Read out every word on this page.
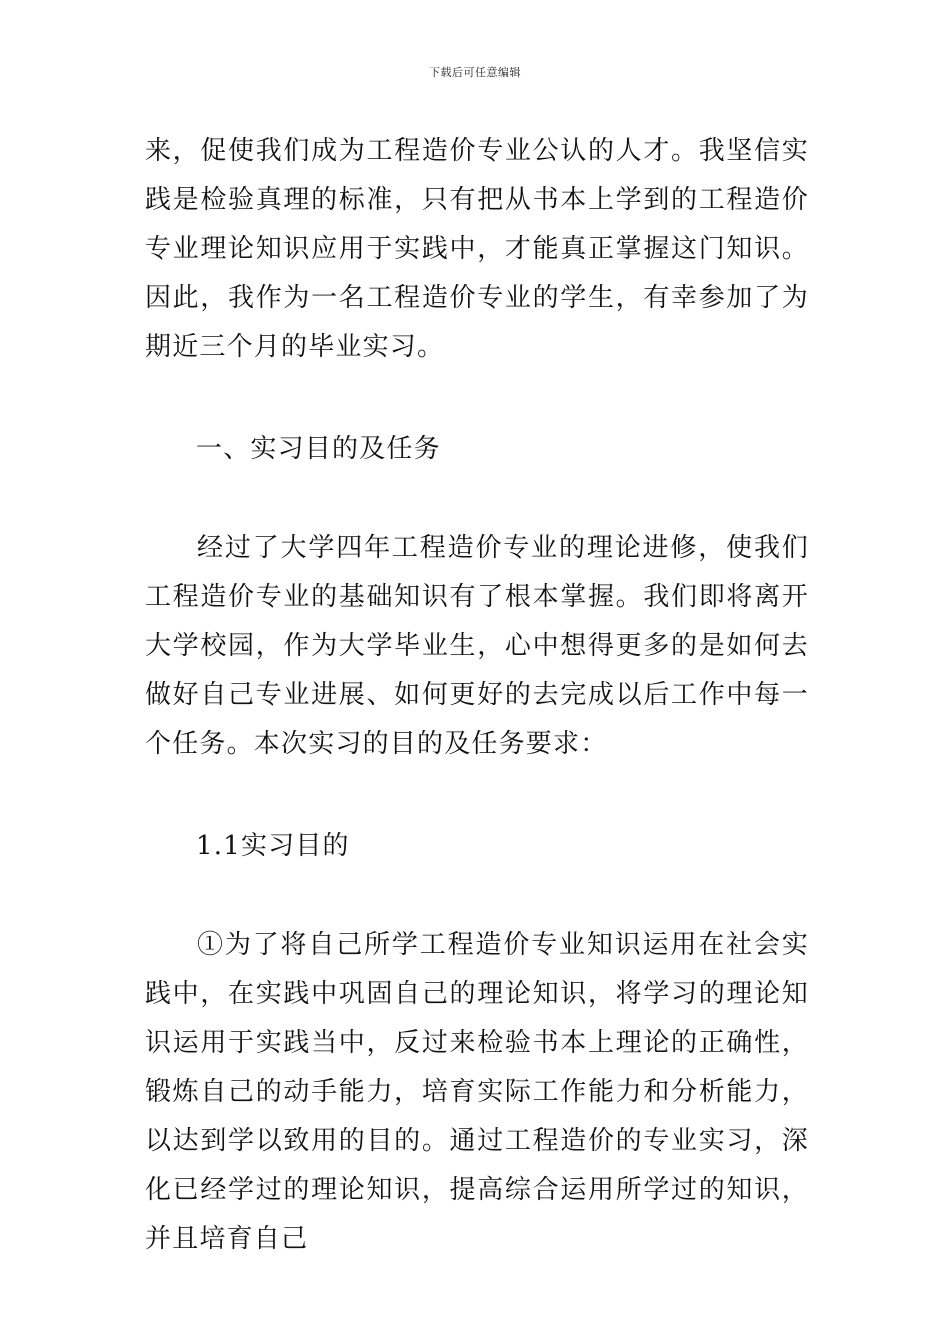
下载后可任意编辑

来，促使我们成为工程造价专业公认的人才。我坚信实践是检验真理的标准，只有把从书本上学到的工程造价专业理论知识应用于实践中，才能真正掌握这门知识。因此，我作为一名工程造价专业的学生，有幸参加了为期近三个月的毕业实习。

一、实习目的及任务

经过了大学四年工程造价专业的理论进修，使我们工程造价专业的基础知识有了根本掌握。我们即将离开大学校园，作为大学毕业生，心中想得更多的是如何去做好自己专业进展、如何更好的去完成以后工作中每一个任务。本次实习的目的及任务要求：

1.1实习目的

①为了将自己所学工程造价专业知识运用在社会实践中，在实践中巩固自己的理论知识，将学习的理论知识运用于实践当中，反过来检验书本上理论的正确性，锻炼自己的动手能力，培育实际工作能力和分析能力，以达到学以致用的目的。通过工程造价的专业实习，深化已经学过的理论知识，提高综合运用所学过的知识，并且培育自己
